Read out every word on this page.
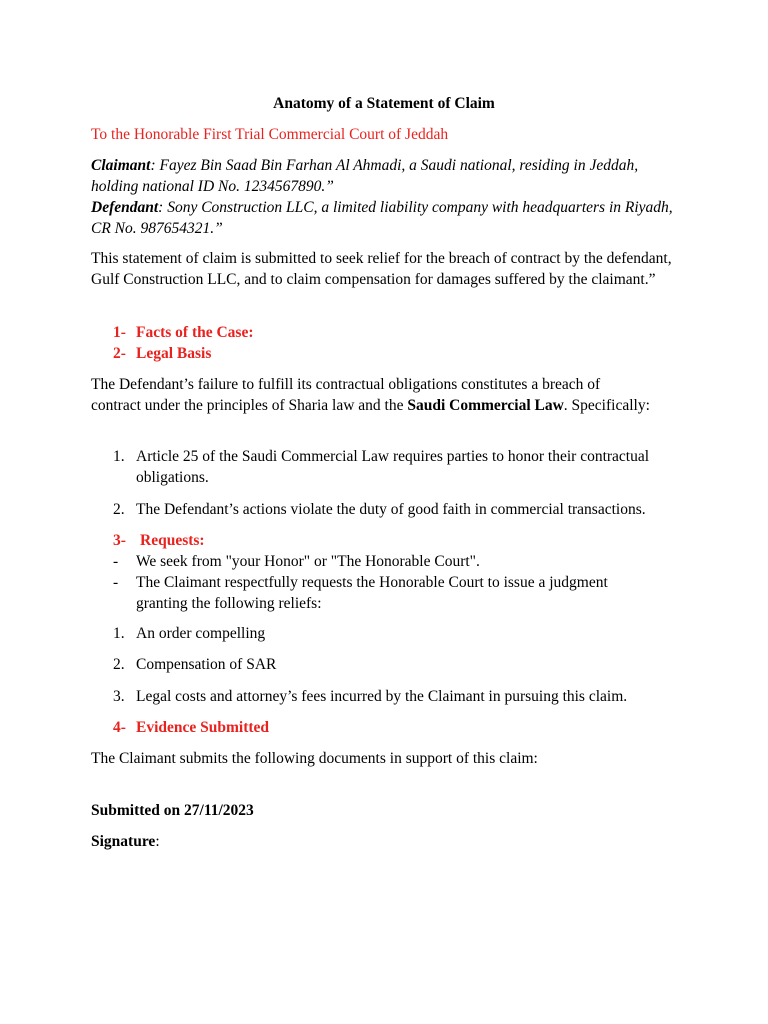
Anatomy of a Statement of Claim
To the Honorable First Trial Commercial Court of Jeddah
Claimant: Fayez Bin Saad Bin Farhan Al Ahmadi, a Saudi national, residing in Jeddah, holding national ID No. 1234567890.”
Defendant: Sony Construction LLC, a limited liability company with headquarters in Riyadh, CR No. 987654321.”
This statement of claim is submitted to seek relief for the breach of contract by the defendant, Gulf Construction LLC, and to claim compensation for damages suffered by the claimant.”
1- Facts of the Case:
2- Legal Basis
The Defendant’s failure to fulfill its contractual obligations constitutes a breach of contract under the principles of Sharia law and the Saudi Commercial Law. Specifically:
1. Article 25 of the Saudi Commercial Law requires parties to honor their contractual obligations.
2. The Defendant’s actions violate the duty of good faith in commercial transactions.
3- Requests:
- We seek from "your Honor" or "The Honorable Court".
- The Claimant respectfully requests the Honorable Court to issue a judgment granting the following reliefs:
1. An order compelling
2. Compensation of SAR
3. Legal costs and attorney’s fees incurred by the Claimant in pursuing this claim.
4- Evidence Submitted
The Claimant submits the following documents in support of this claim:
Submitted on 27/11/2023
Signature:
